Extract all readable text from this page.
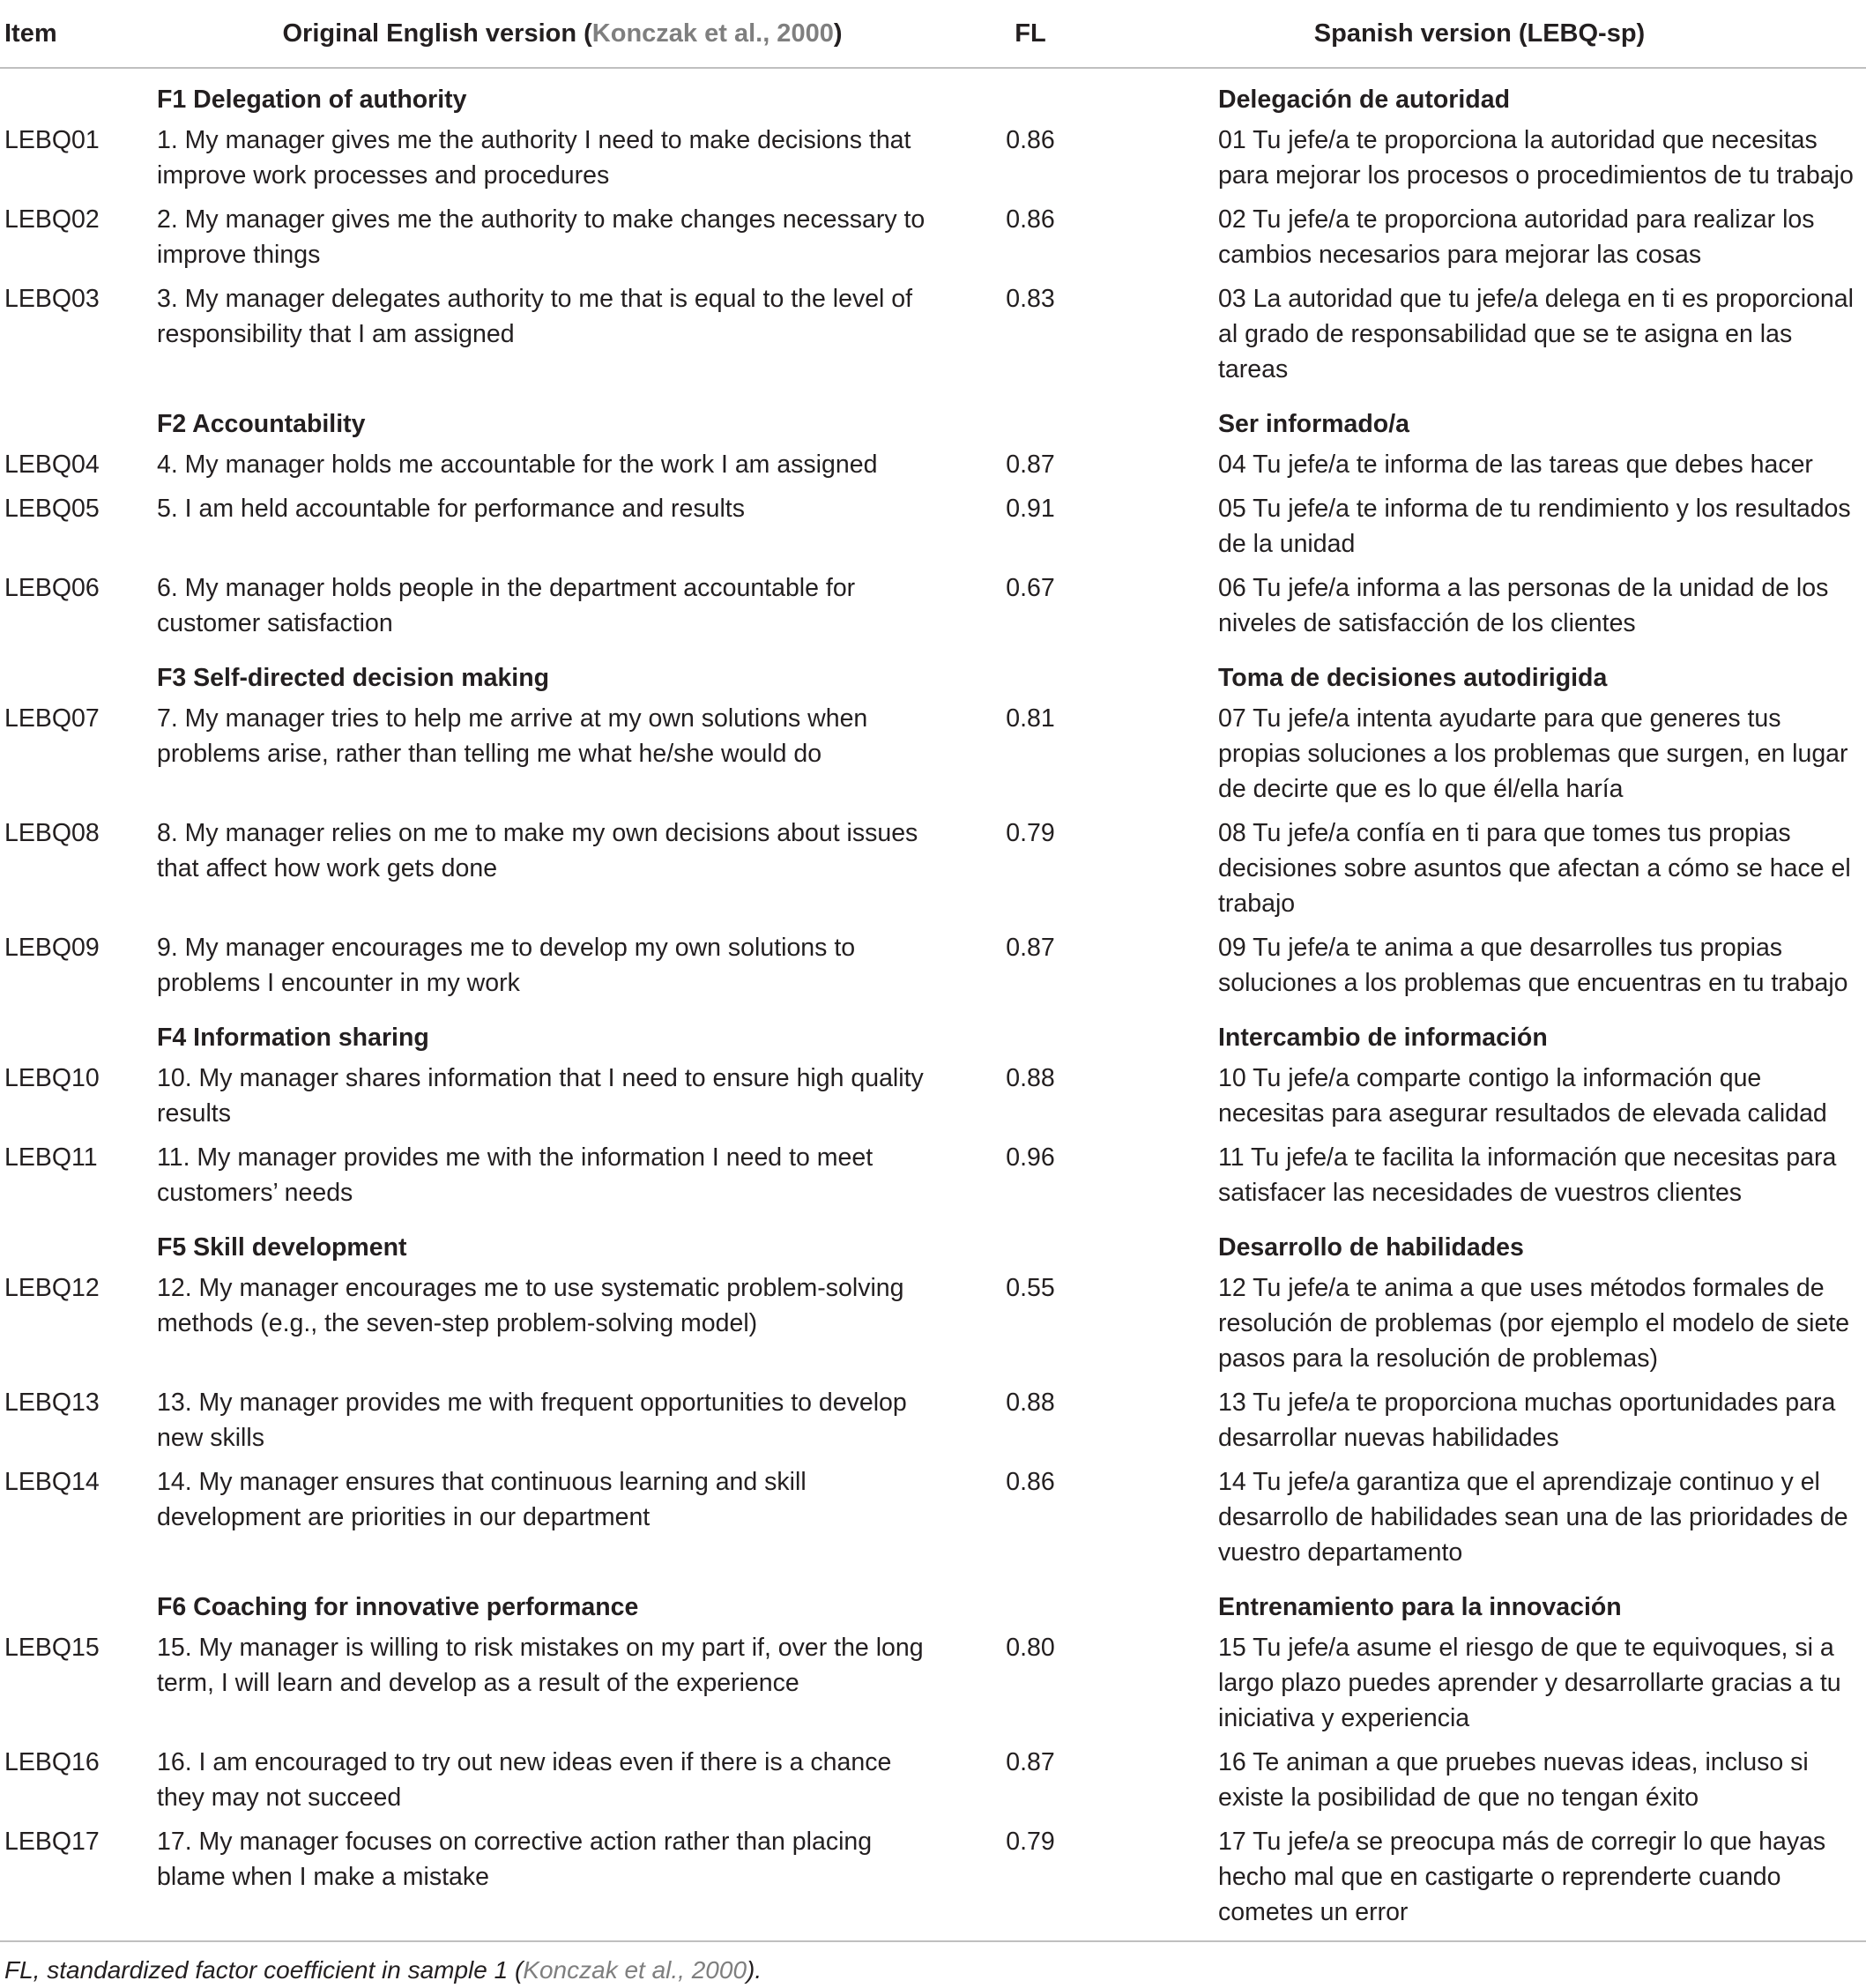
Item	Original English version (Konczak et al., 2000)	FL	Spanish version (LEBQ-sp)
	F1 Delegation of authority		Delegación de autoridad
LEBQ01	1. My manager gives me the authority I need to make decisions that improve work processes and procedures	0.86	01 Tu jefe/a te proporciona la autoridad que necesitas para mejorar los procesos o procedimientos de tu trabajo
LEBQ02	2. My manager gives me the authority to make changes necessary to improve things	0.86	02 Tu jefe/a te proporciona autoridad para realizar los cambios necesarios para mejorar las cosas
LEBQ03	3. My manager delegates authority to me that is equal to the level of responsibility that I am assigned	0.83	03 La autoridad que tu jefe/a delega en ti es proporcional al grado de responsabilidad que se te asigna en las tareas
	F2 Accountability		Ser informado/a
LEBQ04	4. My manager holds me accountable for the work I am assigned	0.87	04 Tu jefe/a te informa de las tareas que debes hacer
LEBQ05	5. I am held accountable for performance and results	0.91	05 Tu jefe/a te informa de tu rendimiento y los resultados de la unidad
LEBQ06	6. My manager holds people in the department accountable for customer satisfaction	0.67	06 Tu jefe/a informa a las personas de la unidad de los niveles de satisfacción de los clientes
	F3 Self-directed decision making		Toma de decisiones autodirigida
LEBQ07	7. My manager tries to help me arrive at my own solutions when problems arise, rather than telling me what he/she would do	0.81	07 Tu jefe/a intenta ayudarte para que generes tus propias soluciones a los problemas que surgen, en lugar de decirte que es lo que él/ella haría
LEBQ08	8. My manager relies on me to make my own decisions about issues that affect how work gets done	0.79	08 Tu jefe/a confía en ti para que tomes tus propias decisiones sobre asuntos que afectan a cómo se hace el trabajo
LEBQ09	9. My manager encourages me to develop my own solutions to problems I encounter in my work	0.87	09 Tu jefe/a te anima a que desarrolles tus propias soluciones a los problemas que encuentras en tu trabajo
	F4 Information sharing		Intercambio de información
LEBQ10	10. My manager shares information that I need to ensure high quality results	0.88	10 Tu jefe/a comparte contigo la información que necesitas para asegurar resultados de elevada calidad
LEBQ11	11. My manager provides me with the information I need to meet customers’ needs	0.96	11 Tu jefe/a te facilita la información que necesitas para satisfacer las necesidades de vuestros clientes
	F5 Skill development		Desarrollo de habilidades
LEBQ12	12. My manager encourages me to use systematic problem-solving methods (e.g., the seven-step problem-solving model)	0.55	12 Tu jefe/a te anima a que uses métodos formales de resolución de problemas (por ejemplo el modelo de siete pasos para la resolución de problemas)
LEBQ13	13. My manager provides me with frequent opportunities to develop new skills	0.88	13 Tu jefe/a te proporciona muchas oportunidades para desarrollar nuevas habilidades
LEBQ14	14. My manager ensures that continuous learning and skill development are priorities in our department	0.86	14 Tu jefe/a garantiza que el aprendizaje continuo y el desarrollo de habilidades sean una de las prioridades de vuestro departamento
	F6 Coaching for innovative performance		Entrenamiento para la innovación
LEBQ15	15. My manager is willing to risk mistakes on my part if, over the long term, I will learn and develop as a result of the experience	0.80	15 Tu jefe/a asume el riesgo de que te equivoques, si a largo plazo puedes aprender y desarrollarte gracias a tu iniciativa y experiencia
LEBQ16	16. I am encouraged to try out new ideas even if there is a chance they may not succeed	0.87	16 Te animan a que pruebes nuevas ideas, incluso si existe la posibilidad de que no tengan éxito
LEBQ17	17. My manager focuses on corrective action rather than placing blame when I make a mistake	0.79	17 Tu jefe/a se preocupa más de corregir lo que hayas hecho mal que en castigarte o reprenderte cuando cometes un error
FL, standardized factor coefficient in sample 1 (Konczak et al., 2000).
